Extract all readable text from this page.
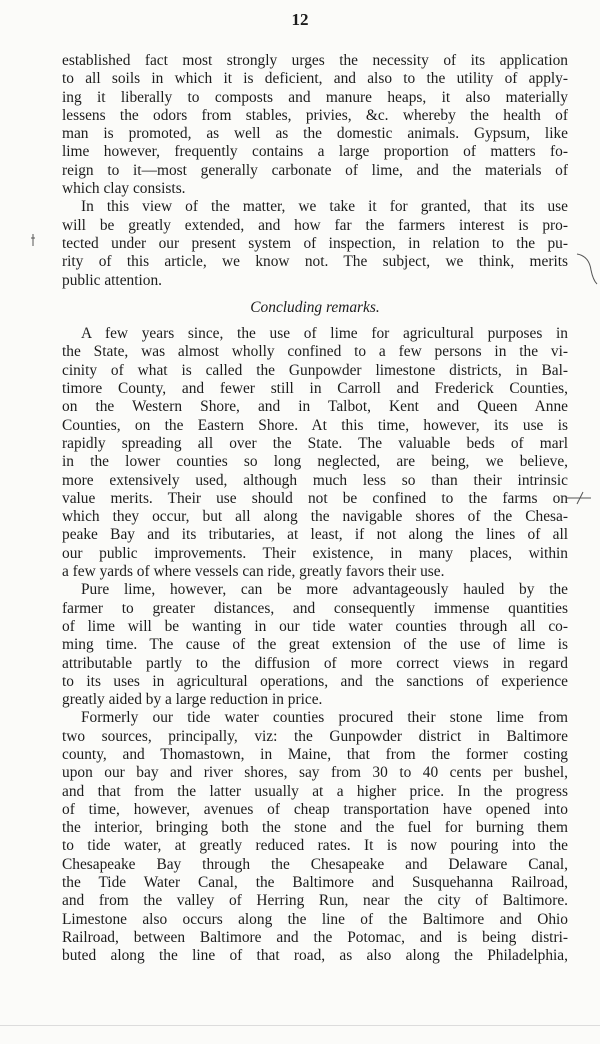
12
established fact most strongly urges the necessity of its application
to all soils in which it is deficient, and also to the utility of apply-
ing it liberally to composts and manure heaps, it also materially
lessens the odors from stables, privies, &c. whereby the health of
man is promoted, as well as the domestic animals. Gypsum, like
lime however, frequently contains a large proportion of matters fo-
reign to it—most generally carbonate of lime, and the materials of
which clay consists.
In this view of the matter, we take it for granted, that its use
will be greatly extended, and how far the farmers interest is pro-
tected under our present system of inspection, in relation to the pu-
rity of this article, we know not. The subject, we think, merits
public attention.
Concluding remarks.
A few years since, the use of lime for agricultural purposes in
the State, was almost wholly confined to a few persons in the vi-
cinity of what is called the Gunpowder limestone districts, in Bal-
timore County, and fewer still in Carroll and Frederick Counties,
on the Western Shore, and in Talbot, Kent and Queen Anne
Counties, on the Eastern Shore. At this time, however, its use is
rapidly spreading all over the State. The valuable beds of marl
in the lower counties so long neglected, are being, we believe,
more extensively used, although much less so than their intrinsic
value merits. Their use should not be confined to the farms on
which they occur, but all along the navigable shores of the Chesa-
peake Bay and its tributaries, at least, if not along the lines of all
our public improvements. Their existence, in many places, within
a few yards of where vessels can ride, greatly favors their use.
Pure lime, however, can be more advantageously hauled by the
farmer to greater distances, and consequently immense quantities
of lime will be wanting in our tide water counties through all co-
ming time. The cause of the great extension of the use of lime is
attributable partly to the diffusion of more correct views in regard
to its uses in agricultural operations, and the sanctions of experience
greatly aided by a large reduction in price.
Formerly our tide water counties procured their stone lime from
two sources, principally, viz: the Gunpowder district in Baltimore
county, and Thomastown, in Maine, that from the former costing
upon our bay and river shores, say from 30 to 40 cents per bushel,
and that from the latter usually at a higher price. In the progress
of time, however, avenues of cheap transportation have opened into
the interior, bringing both the stone and the fuel for burning them
to tide water, at greatly reduced rates. It is now pouring into the
Chesapeake Bay through the Chesapeake and Delaware Canal,
the Tide Water Canal, the Baltimore and Susquehanna Railroad,
and from the valley of Herring Run, near the city of Baltimore.
Limestone also occurs along the line of the Baltimore and Ohio
Railroad, between Baltimore and the Potomac, and is being distri-
buted along the line of that road, as also along the Philadelphia,
